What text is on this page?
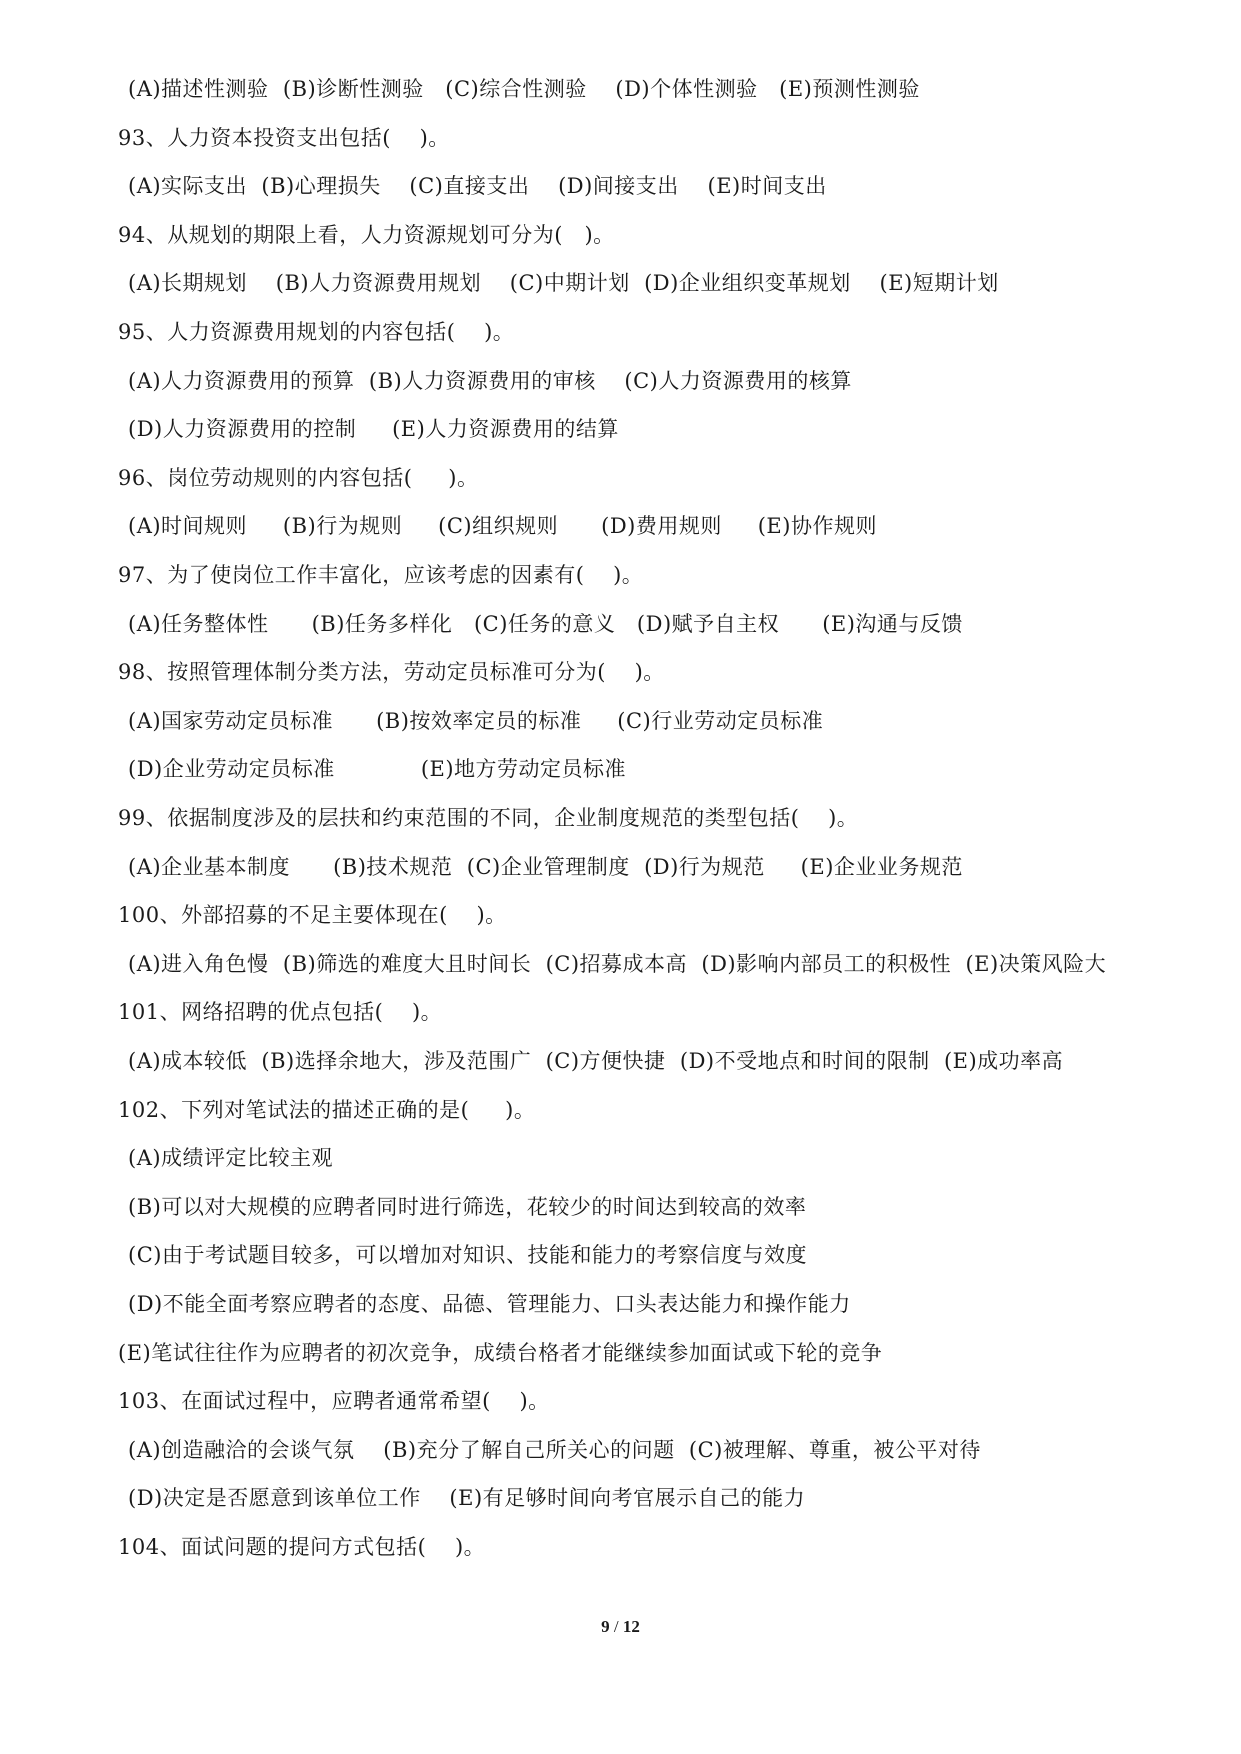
(A)描述性测验  (B)诊断性测验   (C)综合性测验    (D)个体性测验   (E)预测性测验
93、人力资本投资支出包括(    )。
(A)实际支出  (B)心理损失    (C)直接支出    (D)间接支出    (E)时间支出
94、从规划的期限上看，人力资源规划可分为(   )。
(A)长期规划    (B)人力资源费用规划    (C)中期计划  (D)企业组织变革规划    (E)短期计划
95、人力资源费用规划的内容包括(    )。
(A)人力资源费用的预算  (B)人力资源费用的审核    (C)人力资源费用的核算
(D)人力资源费用的控制     (E)人力资源费用的结算
96、岗位劳动规则的内容包括(     )。
(A)时间规则     (B)行为规则     (C)组织规则      (D)费用规则     (E)协作规则
97、为了使岗位工作丰富化，应该考虑的因素有(    )。
(A)任务整体性      (B)任务多样化   (C)任务的意义   (D)赋予自主权      (E)沟通与反馈
98、按照管理体制分类方法，劳动定员标准可分为(    )。
(A)国家劳动定员标准      (B)按效率定员的标准     (C)行业劳动定员标准
(D)企业劳动定员标准            (E)地方劳动定员标准
99、依据制度涉及的层扶和约束范围的不同，企业制度规范的类型包括(    )。
(A)企业基本制度      (B)技术规范  (C)企业管理制度  (D)行为规范     (E)企业业务规范
100、外部招募的不足主要体现在(    )。
(A)进入角色慢  (B)筛选的难度大且时间长  (C)招募成本高  (D)影响内部员工的积极性  (E)决策风险大
101、网络招聘的优点包括(    )。
(A)成本较低  (B)选择余地大，涉及范围广  (C)方便快捷  (D)不受地点和时间的限制  (E)成功率高
102、下列对笔试法的描述正确的是(     )。
(A)成绩评定比较主观
(B)可以对大规模的应聘者同时进行筛选，花较少的时间达到较高的效率
(C)由于考试题目较多，可以增加对知识、技能和能力的考察信度与效度
(D)不能全面考察应聘者的态度、品德、管理能力、口头表达能力和操作能力
(E)笔试往往作为应聘者的初次竞争，成绩台格者才能继续参加面试或下轮的竞争
103、在面试过程中，应聘者通常希望(    )。
(A)创造融洽的会谈气氛    (B)充分了解自己所关心的问题  (C)被理解、尊重，被公平对待
(D)决定是否愿意到该单位工作    (E)有足够时间向考官展示自己的能力
104、面试问题的提问方式包括(    )。
9 / 12
